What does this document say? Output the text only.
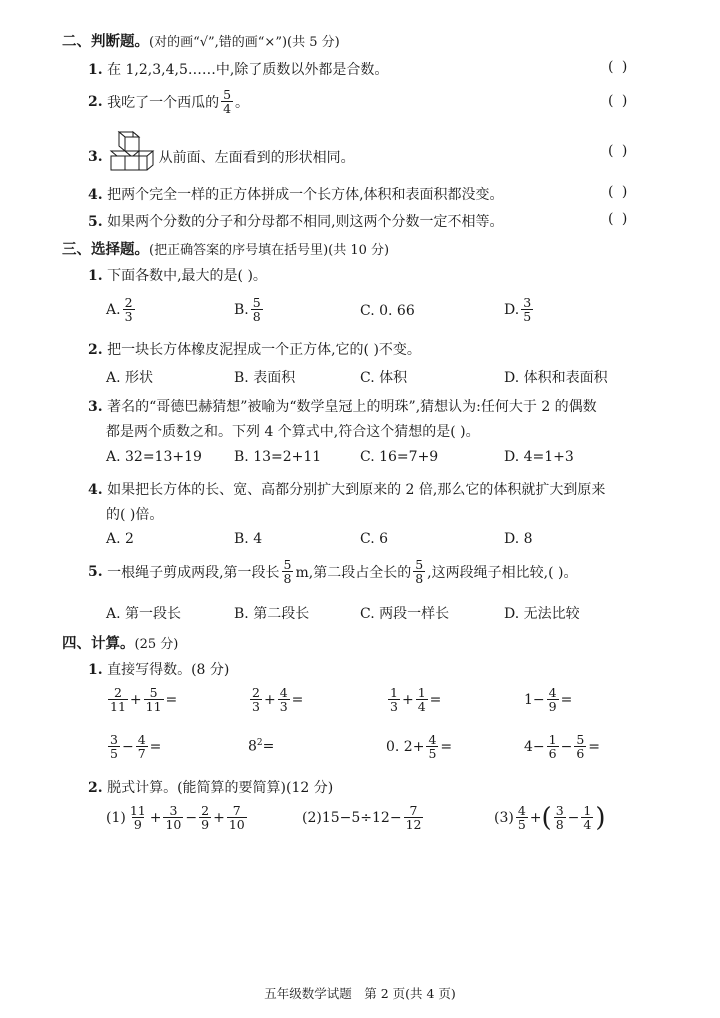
二、判断题。(对的画“√”,错的画“×”)(共 5 分)
1. 在 1,2,3,4,5……中,除了质数以外都是合数。	( )
2.
我吃了一个西瓜的 $\frac{5}{4}$ 。	( )
3.	从前面、左面看到的形状相同。	( )
4. 把两个完全一样的正方体拼成一个长方体,体积和表面积都没变。	( )
5. 如果两个分数的分子和分母都不相同,则这两个分数一定不相等。	( )
三、选择题。(把正确答案的序号填在括号里)(共 10 分)
1. 下面各数中,最大的是( )。
A. $\frac{2}{3}$	B. $\frac{5}{8}$	C. 0. 66	D. $\frac{3}{5}$
2. 把一块长方体橡皮泥捏成一个正方体,它的( )不变。
A. 形状	B. 表面积	C. 体积	D. 体积和表面积
3. 著名的“哥德巴赫猜想”被喻为“数学皇冠上的明珠”,猜想认为:任何大于 2 的偶数
都是两个质数之和。下列 4 个算式中,符合这个猜想的是( )。
A. 32=13+19 B. 13=2+11	C. 16=7+9	D. 4=1+3
4. 如果把长方体的长、宽、高都分别扩大到原来的 2 倍,那么它的体积就扩大到原来
的( )倍。
A. 2	B. 4	C. 6	D. 8
5.
一根绳子剪成两段,第一段长 $\frac{5}{8} m$,第二段占全长的 $\frac{5}{8}$ ,这两段绳子相比较,( )。
A. 第一段长	B. 第二段长	C. 两段一样长	D. 无法比较
四、计算。(25 分)
1. 直接写得数。(8 分)
$\frac{2}{11} + \frac{5}{11}$ =	$\frac{2}{3} + \frac{4}{3}$ =	$\frac{1}{3} + \frac{1}{4}$ =	$1 - \frac{4}{9}$ =
$\frac{3}{5} - \frac{4}{7}$ =	$8^2=$	0. $2 + \frac{4}{5}$ =	$4 - \frac{1}{6} - \frac{5}{6}$ =
2. 脱式计算。(能简算的要简算)(12 分)
$(1) \frac{11}{9} + \frac{3}{10} - \frac{2}{9} + \frac{7}{10}$	(2) $15-5\div 12- \frac{7}{12}$	$(3) \frac{4}{5}$ + ( $\frac{3}{8} - \frac{1}{4}$ )
五年级数学试题　第 2 页(共 4 页)
